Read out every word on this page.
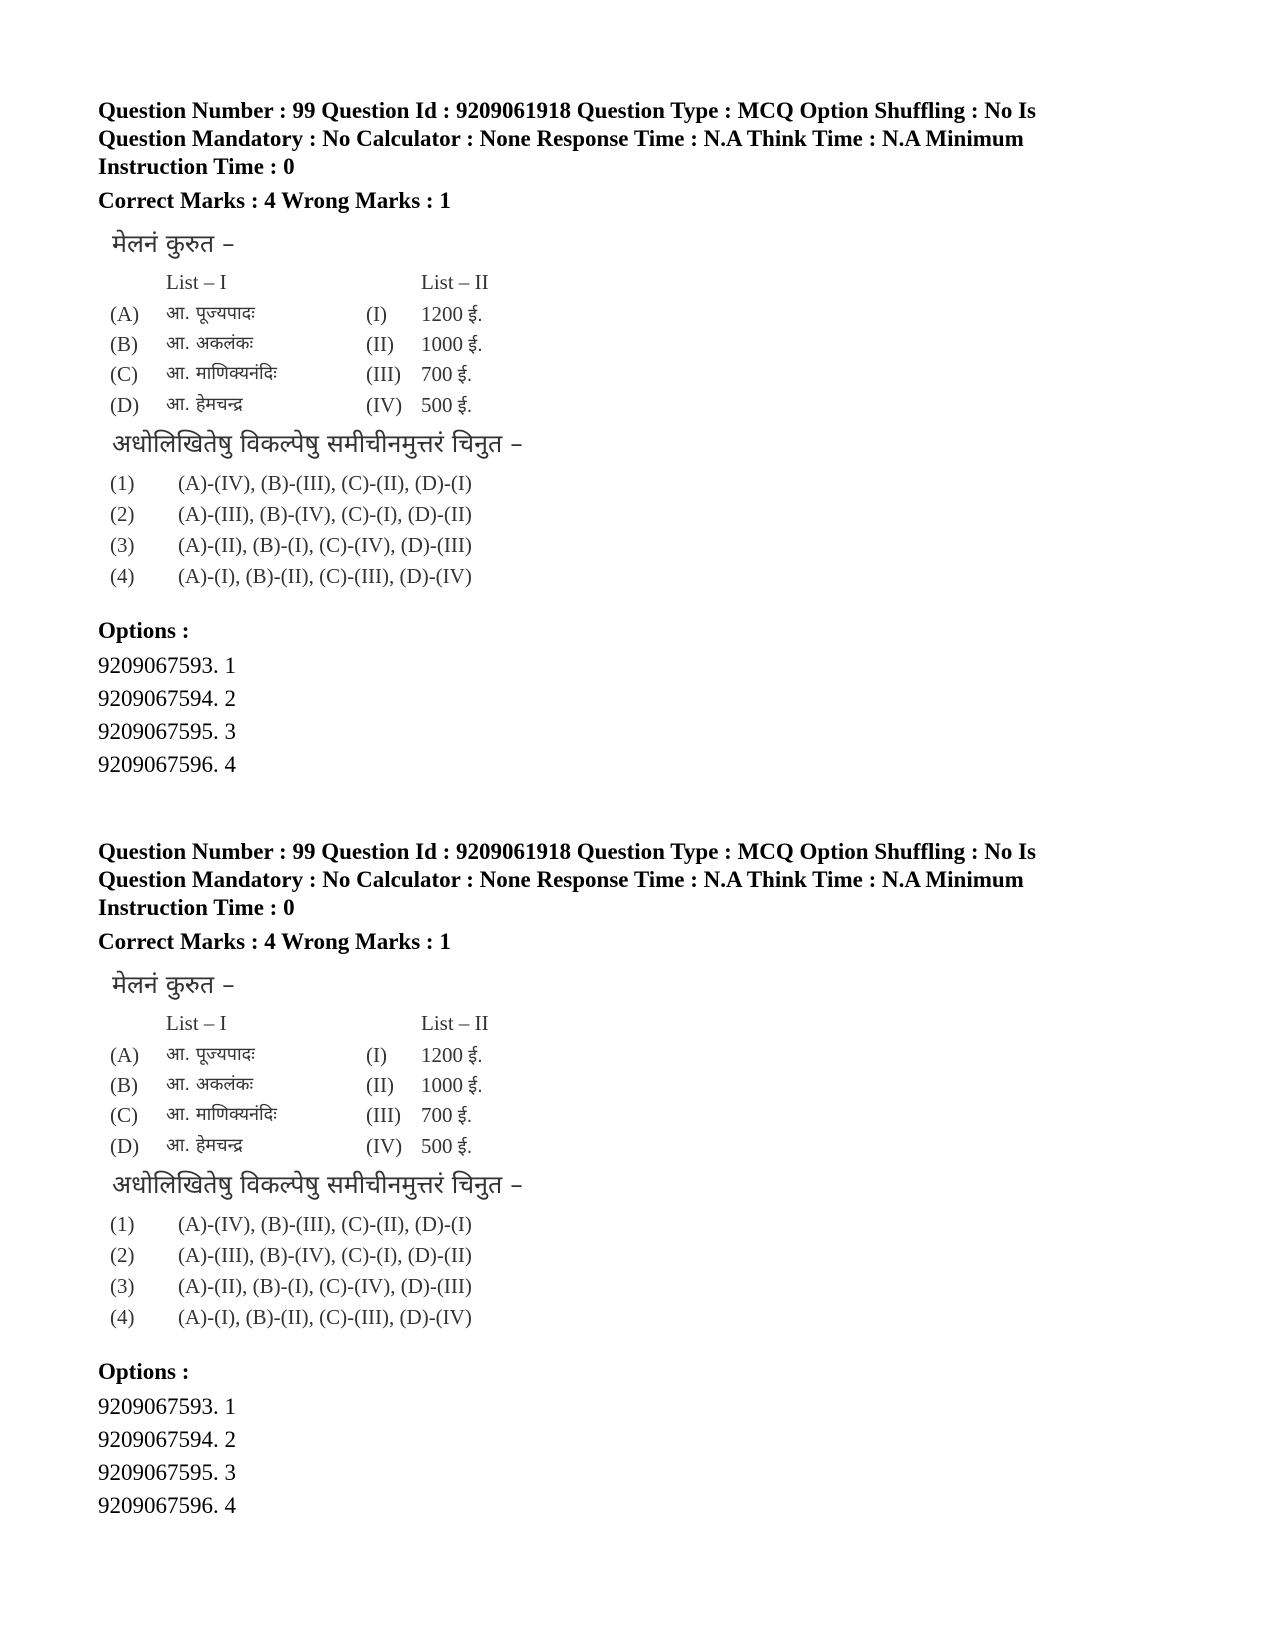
Question Number : 99 Question Id : 9209061918 Question Type : MCQ Option Shuffling : No Is
Question Mandatory : No Calculator : None Response Time : N.A Think Time : N.A Minimum
Instruction Time : 0
Correct Marks : 4 Wrong Marks : 1
मेलनं कुरुत –
List – I	List – II
(A) आ. पूज्यपादः	(I) 1200 ई.
(B) आ. अकलंकः	(II) 1000 ई.
(C) आ. माणिक्यनंदिः	(III) 700 ई.
(D) आ. हेमचन्द्र	(IV) 500 ई.
अधोलिखितेषु विकल्पेषु समीचीनमुत्तरं चिनुत –
(1) (A)-(IV), (B)-(III), (C)-(II), (D)-(I)
(2) (A)-(III), (B)-(IV), (C)-(I), (D)-(II)
(3) (A)-(II), (B)-(I), (C)-(IV), (D)-(III)
(4) (A)-(I), (B)-(II), (C)-(III), (D)-(IV)
Options :
9209067593. 1
9209067594. 2
9209067595. 3
9209067596. 4
Question Number : 99 Question Id : 9209061918 Question Type : MCQ Option Shuffling : No Is
Question Mandatory : No Calculator : None Response Time : N.A Think Time : N.A Minimum
Instruction Time : 0
Correct Marks : 4 Wrong Marks : 1
मेलनं कुरुत –
List – I	List – II
(A) आ. पूज्यपादः	(I) 1200 ई.
(B) आ. अकलंकः	(II) 1000 ई.
(C) आ. माणिक्यनंदिः	(III) 700 ई.
(D) आ. हेमचन्द्र	(IV) 500 ई.
अधोलिखितेषु विकल्पेषु समीचीनमुत्तरं चिनुत –
(1) (A)-(IV), (B)-(III), (C)-(II), (D)-(I)
(2) (A)-(III), (B)-(IV), (C)-(I), (D)-(II)
(3) (A)-(II), (B)-(I), (C)-(IV), (D)-(III)
(4) (A)-(I), (B)-(II), (C)-(III), (D)-(IV)
Options :
9209067593. 1
9209067594. 2
9209067595. 3
9209067596. 4
